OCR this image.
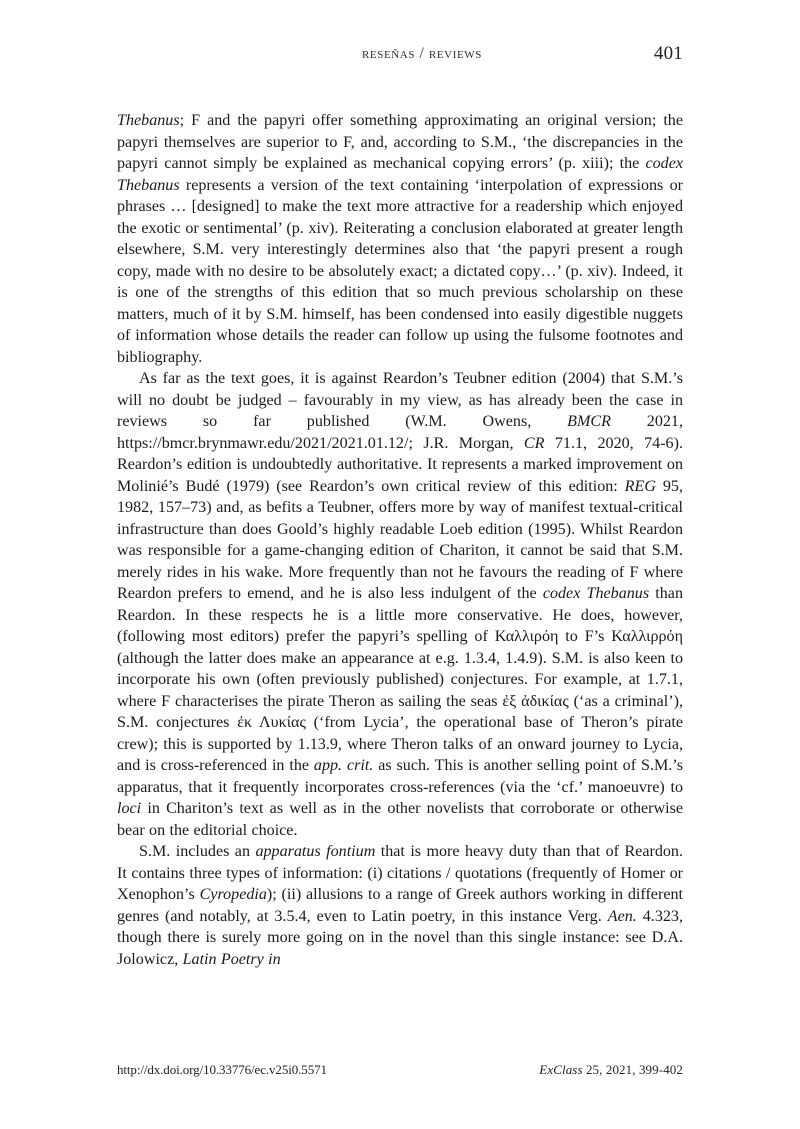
reseñas / reviews	401

Thebanus; F and the papyri offer something approximating an original version; the papyri themselves are superior to F, and, according to S.M., ‘the discrepancies in the papyri cannot simply be explained as mechanical copying errors’ (p. xiii); the codex Thebanus represents a version of the text containing ‘interpolation of expressions or phrases … [designed] to make the text more attractive for a readership which enjoyed the exotic or sentimental’ (p. xiv). Reiterating a conclusion elaborated at greater length elsewhere, S.M. very interestingly determines also that ‘the papyri present a rough copy, made with no desire to be absolutely exact; a dictated copy…’ (p. xiv). Indeed, it is one of the strengths of this edition that so much previous scholarship on these matters, much of it by S.M. himself, has been condensed into easily digestible nuggets of information whose details the reader can follow up using the fulsome footnotes and bibliography.

As far as the text goes, it is against Reardon’s Teubner edition (2004) that S.M.’s will no doubt be judged – favourably in my view, as has already been the case in reviews so far published (W.M. Owens, BMCR 2021, https://bmcr.brynmawr.edu/2021/2021.01.12/; J.R. Morgan, CR 71.1, 2020, 74-6). Reardon’s edition is undoubtedly authoritative. It represents a marked improvement on Molinié’s Budé (1979) (see Reardon’s own critical review of this edition: REG 95, 1982, 157–73) and, as befits a Teubner, offers more by way of manifest textual-critical infrastructure than does Goold’s highly readable Loeb edition (1995). Whilst Reardon was responsible for a game-changing edition of Chariton, it cannot be said that S.M. merely rides in his wake. More frequently than not he favours the reading of F where Reardon prefers to emend, and he is also less indulgent of the codex Thebanus than Reardon. In these respects he is a little more conservative. He does, however, (following most editors) prefer the papyri’s spelling of Καλλιρόη to F’s Καλλιρρόη (although the latter does make an appearance at e.g. 1.3.4, 1.4.9). S.M. is also keen to incorporate his own (often previously published) conjectures. For example, at 1.7.1, where F characterises the pirate Theron as sailing the seas ἐξ ἀδικίας (‘as a criminal’), S.M. conjectures ἐκ Λυκίας (‘from Lycia’, the operational base of Theron’s pirate crew); this is supported by 1.13.9, where Theron talks of an onward journey to Lycia, and is cross-referenced in the app. crit. as such. This is another selling point of S.M.’s apparatus, that it frequently incorporates cross-references (via the ‘cf.’ manoeuvre) to loci in Chariton’s text as well as in the other novelists that corroborate or otherwise bear on the editorial choice.

S.M. includes an apparatus fontium that is more heavy duty than that of Reardon. It contains three types of information: (i) citations / quotations (frequently of Homer or Xenophon’s Cyropedia); (ii) allusions to a range of Greek authors working in different genres (and notably, at 3.5.4, even to Latin poetry, in this instance Verg. Aen. 4.323, though there is surely more going on in the novel than this single instance: see D.A. Jolowicz, Latin Poetry in

http://dx.doi.org/10.33776/ec.v25i0.5571	ExClass 25, 2021, 399-402
